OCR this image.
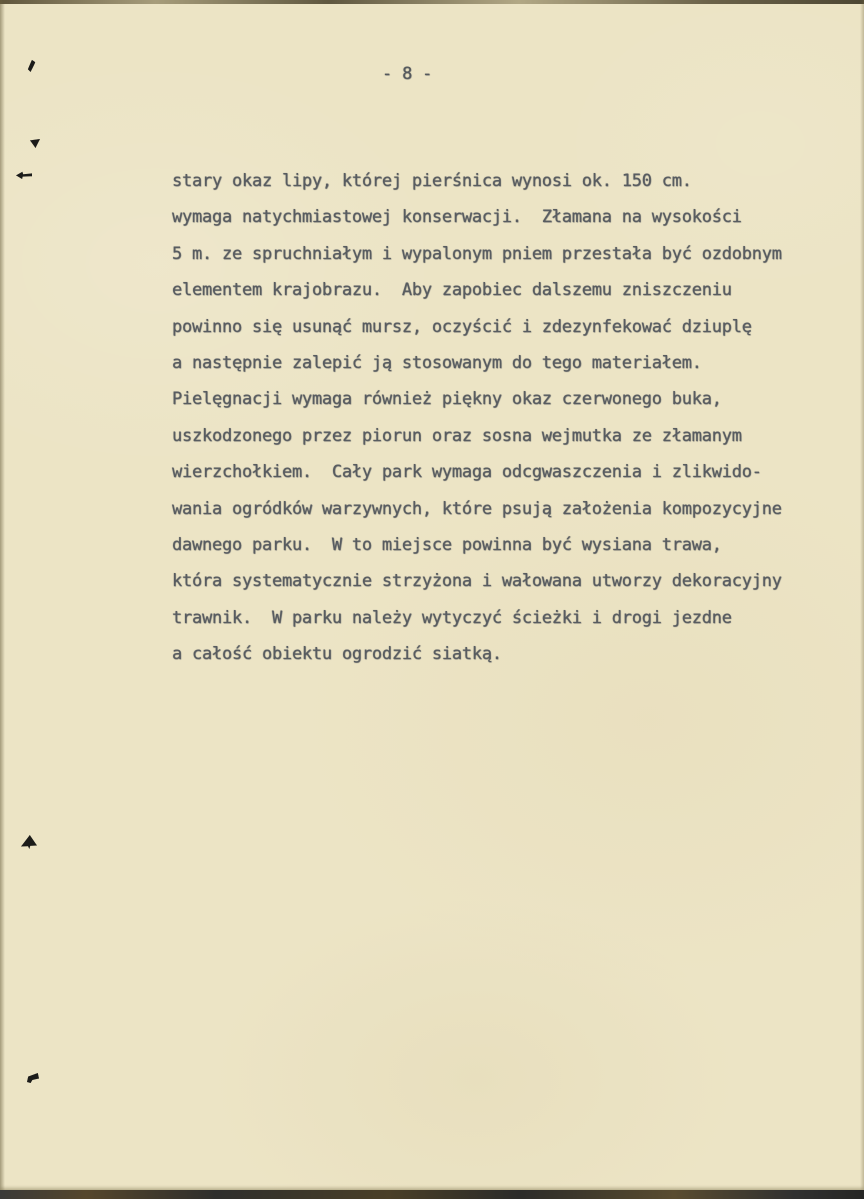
- 8 -
stary okaz lipy, której pierśnica wynosi ok. 150 cm.
wymaga natychmiastowej konserwacji.  Złamana na wysokości
5 m. ze spruchniałym i wypalonym pniem przestała być ozdobnym
elementem krajobrazu.  Aby zapobiec dalszemu zniszczeniu
powinno się usunąć mursz, oczyścić i zdezynfekować dziuplę
a następnie zalepić ją stosowanym do tego materiałem.
Pielęgnacji wymaga również piękny okaz czerwonego buka,
uszkodzonego przez piorun oraz sosna wejmutka ze złamanym
wierzchołkiem.  Cały park wymaga odcgwaszczenia i zlikwido-
wania ogródków warzywnych, które psują założenia kompozycyjne
dawnego parku.  W to miejsce powinna być wysiana trawa,
która systematycznie strzyżona i wałowana utworzy dekoracyjny
trawnik.  W parku należy wytyczyć ścieżki i drogi jezdne
a całość obiektu ogrodzić siatką.
